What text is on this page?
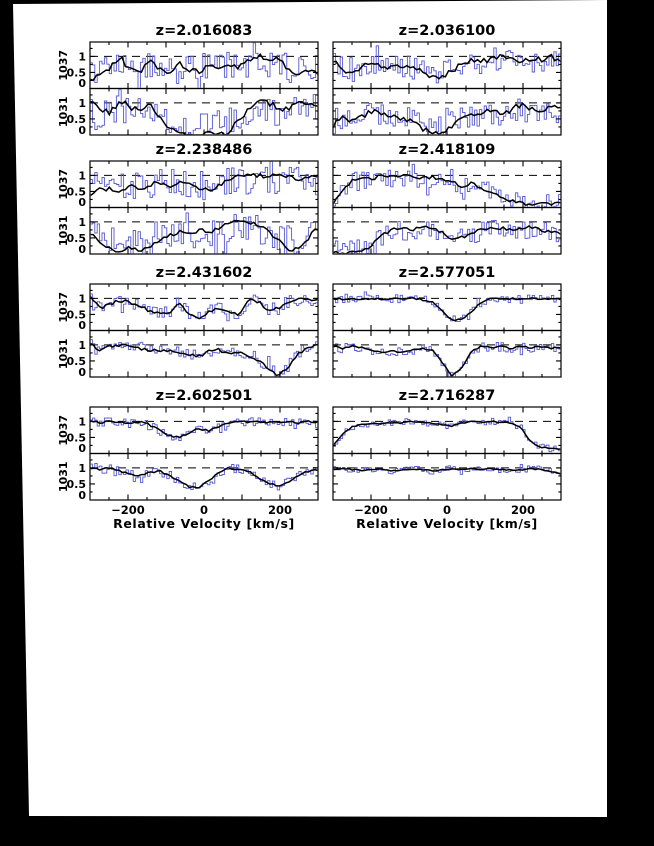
z=2.016083
1
0.5
0
1037
1
0.5
0
1031
z=2.036100
z=2.238486
1
0.5
0
1037
1
0.5
0
1031
z=2.418109
z=2.431602
1
0.5
0
1037
1
0.5
0
1031
z=2.577051
z=2.602501
1
0.5
0
1037
1
0.5
0
1031
−200	0	200
Relative Velocity [km/s]
z=2.716287
−200	0	200
Relative Velocity [km/s]
